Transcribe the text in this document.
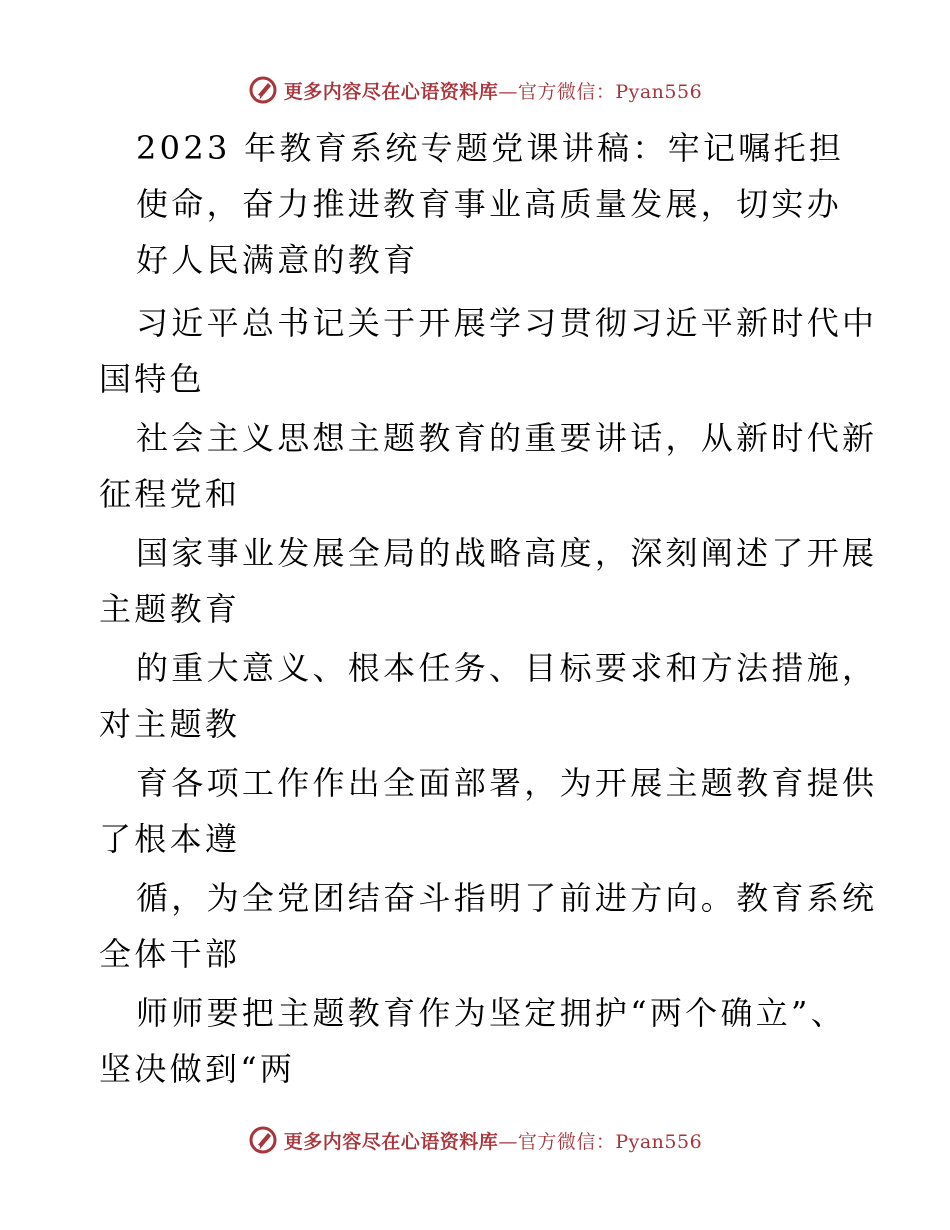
更多内容尽在心语资料库—官方微信：Pyan556
2023 年教育系统专题党课讲稿：牢记嘱托担
使命，奋力推进教育事业高质量发展，切实办
好人民满意的教育
习近平总书记关于开展学习贯彻习近平新时代中
国特色
社会主义思想主题教育的重要讲话，从新时代新
征程党和
国家事业发展全局的战略高度，深刻阐述了开展
主题教育
的重大意义、根本任务、目标要求和方法措施，
对主题教
育各项工作作出全面部署，为开展主题教育提供
了根本遵
循，为全党团结奋斗指明了前进方向。教育系统
全体干部
师师要把主题教育作为坚定拥护“两个确立”、
坚决做到“两
更多内容尽在心语资料库—官方微信：Pyan556
